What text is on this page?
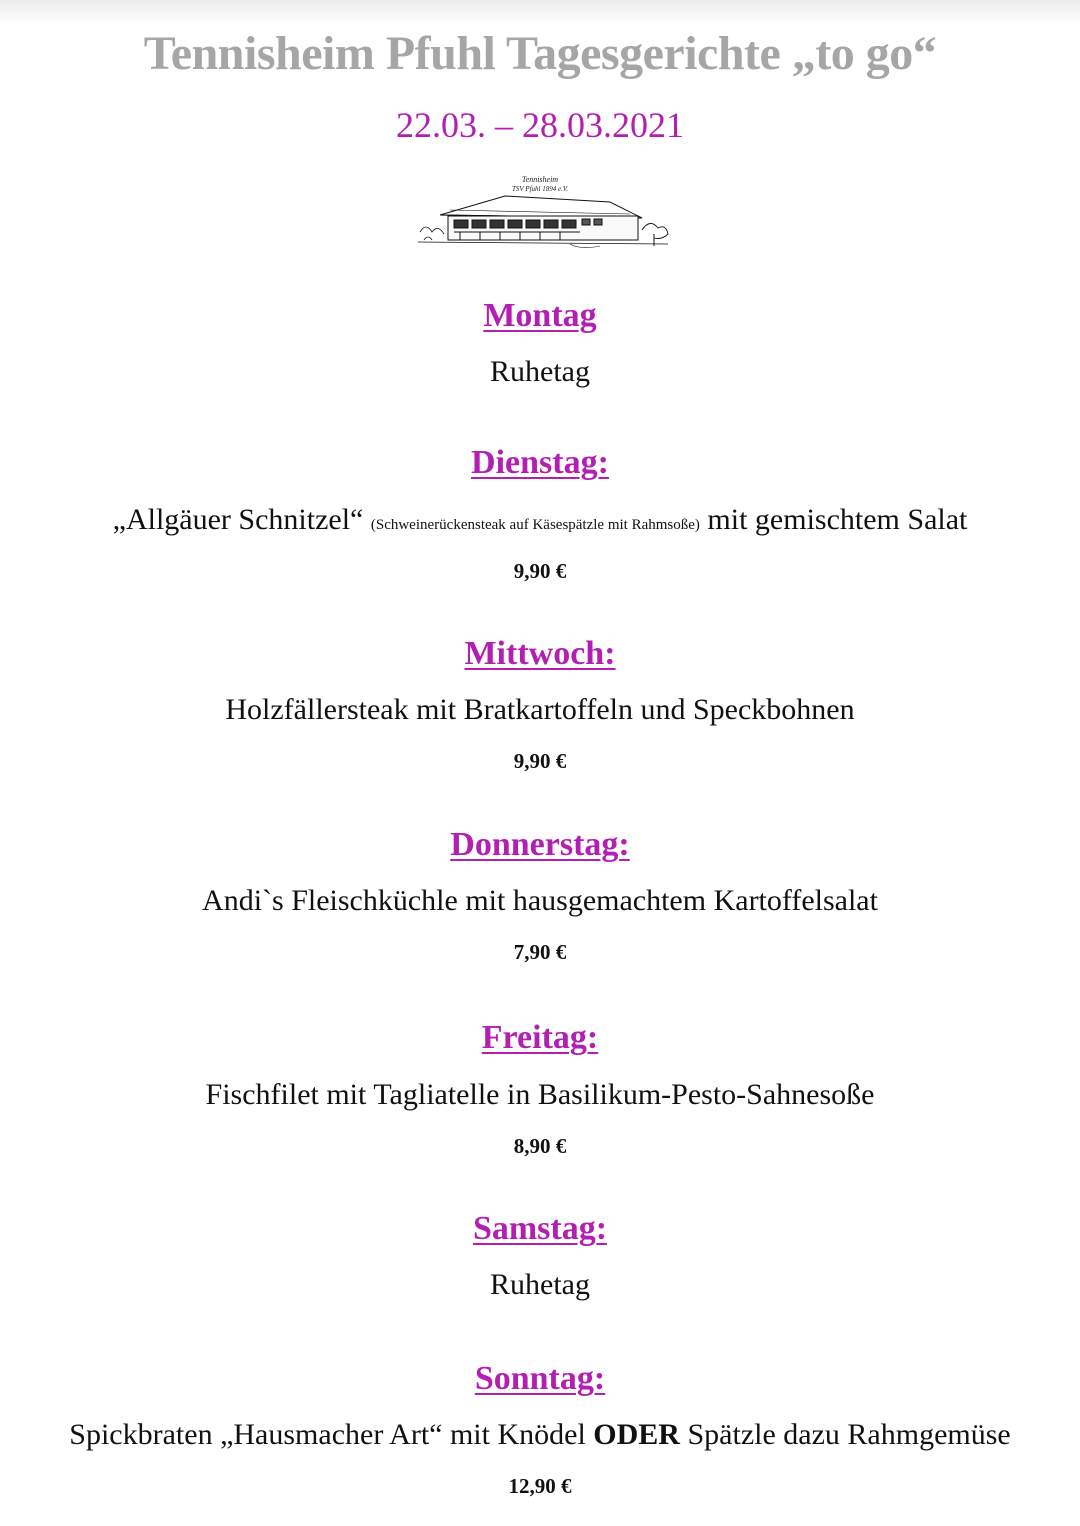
Tennisheim Pfuhl Tagesgerichte „to go“
22.03. – 28.03.2021
Tennisheim
TSV Pfuhl 1894 e.V.
Montag
Ruhetag
Dienstag:
„Allgäuer Schnitzel“ (Schweinerückensteak auf Käsespätzle mit Rahmsoße) mit gemischtem Salat
9,90 €
Mittwoch:
Holzfällersteak mit Bratkartoffeln und Speckbohnen
9,90 €
Donnerstag:
Andi`s Fleischküchle mit hausgemachtem Kartoffelsalat
7,90 €
Freitag:
Fischfilet mit Tagliatelle in Basilikum-Pesto-Sahnesoße
8,90 €
Samstag:
Ruhetag
Sonntag:
Spickbraten „Hausmacher Art“ mit Knödel ODER Spätzle dazu Rahmgemüse
12,90 €
